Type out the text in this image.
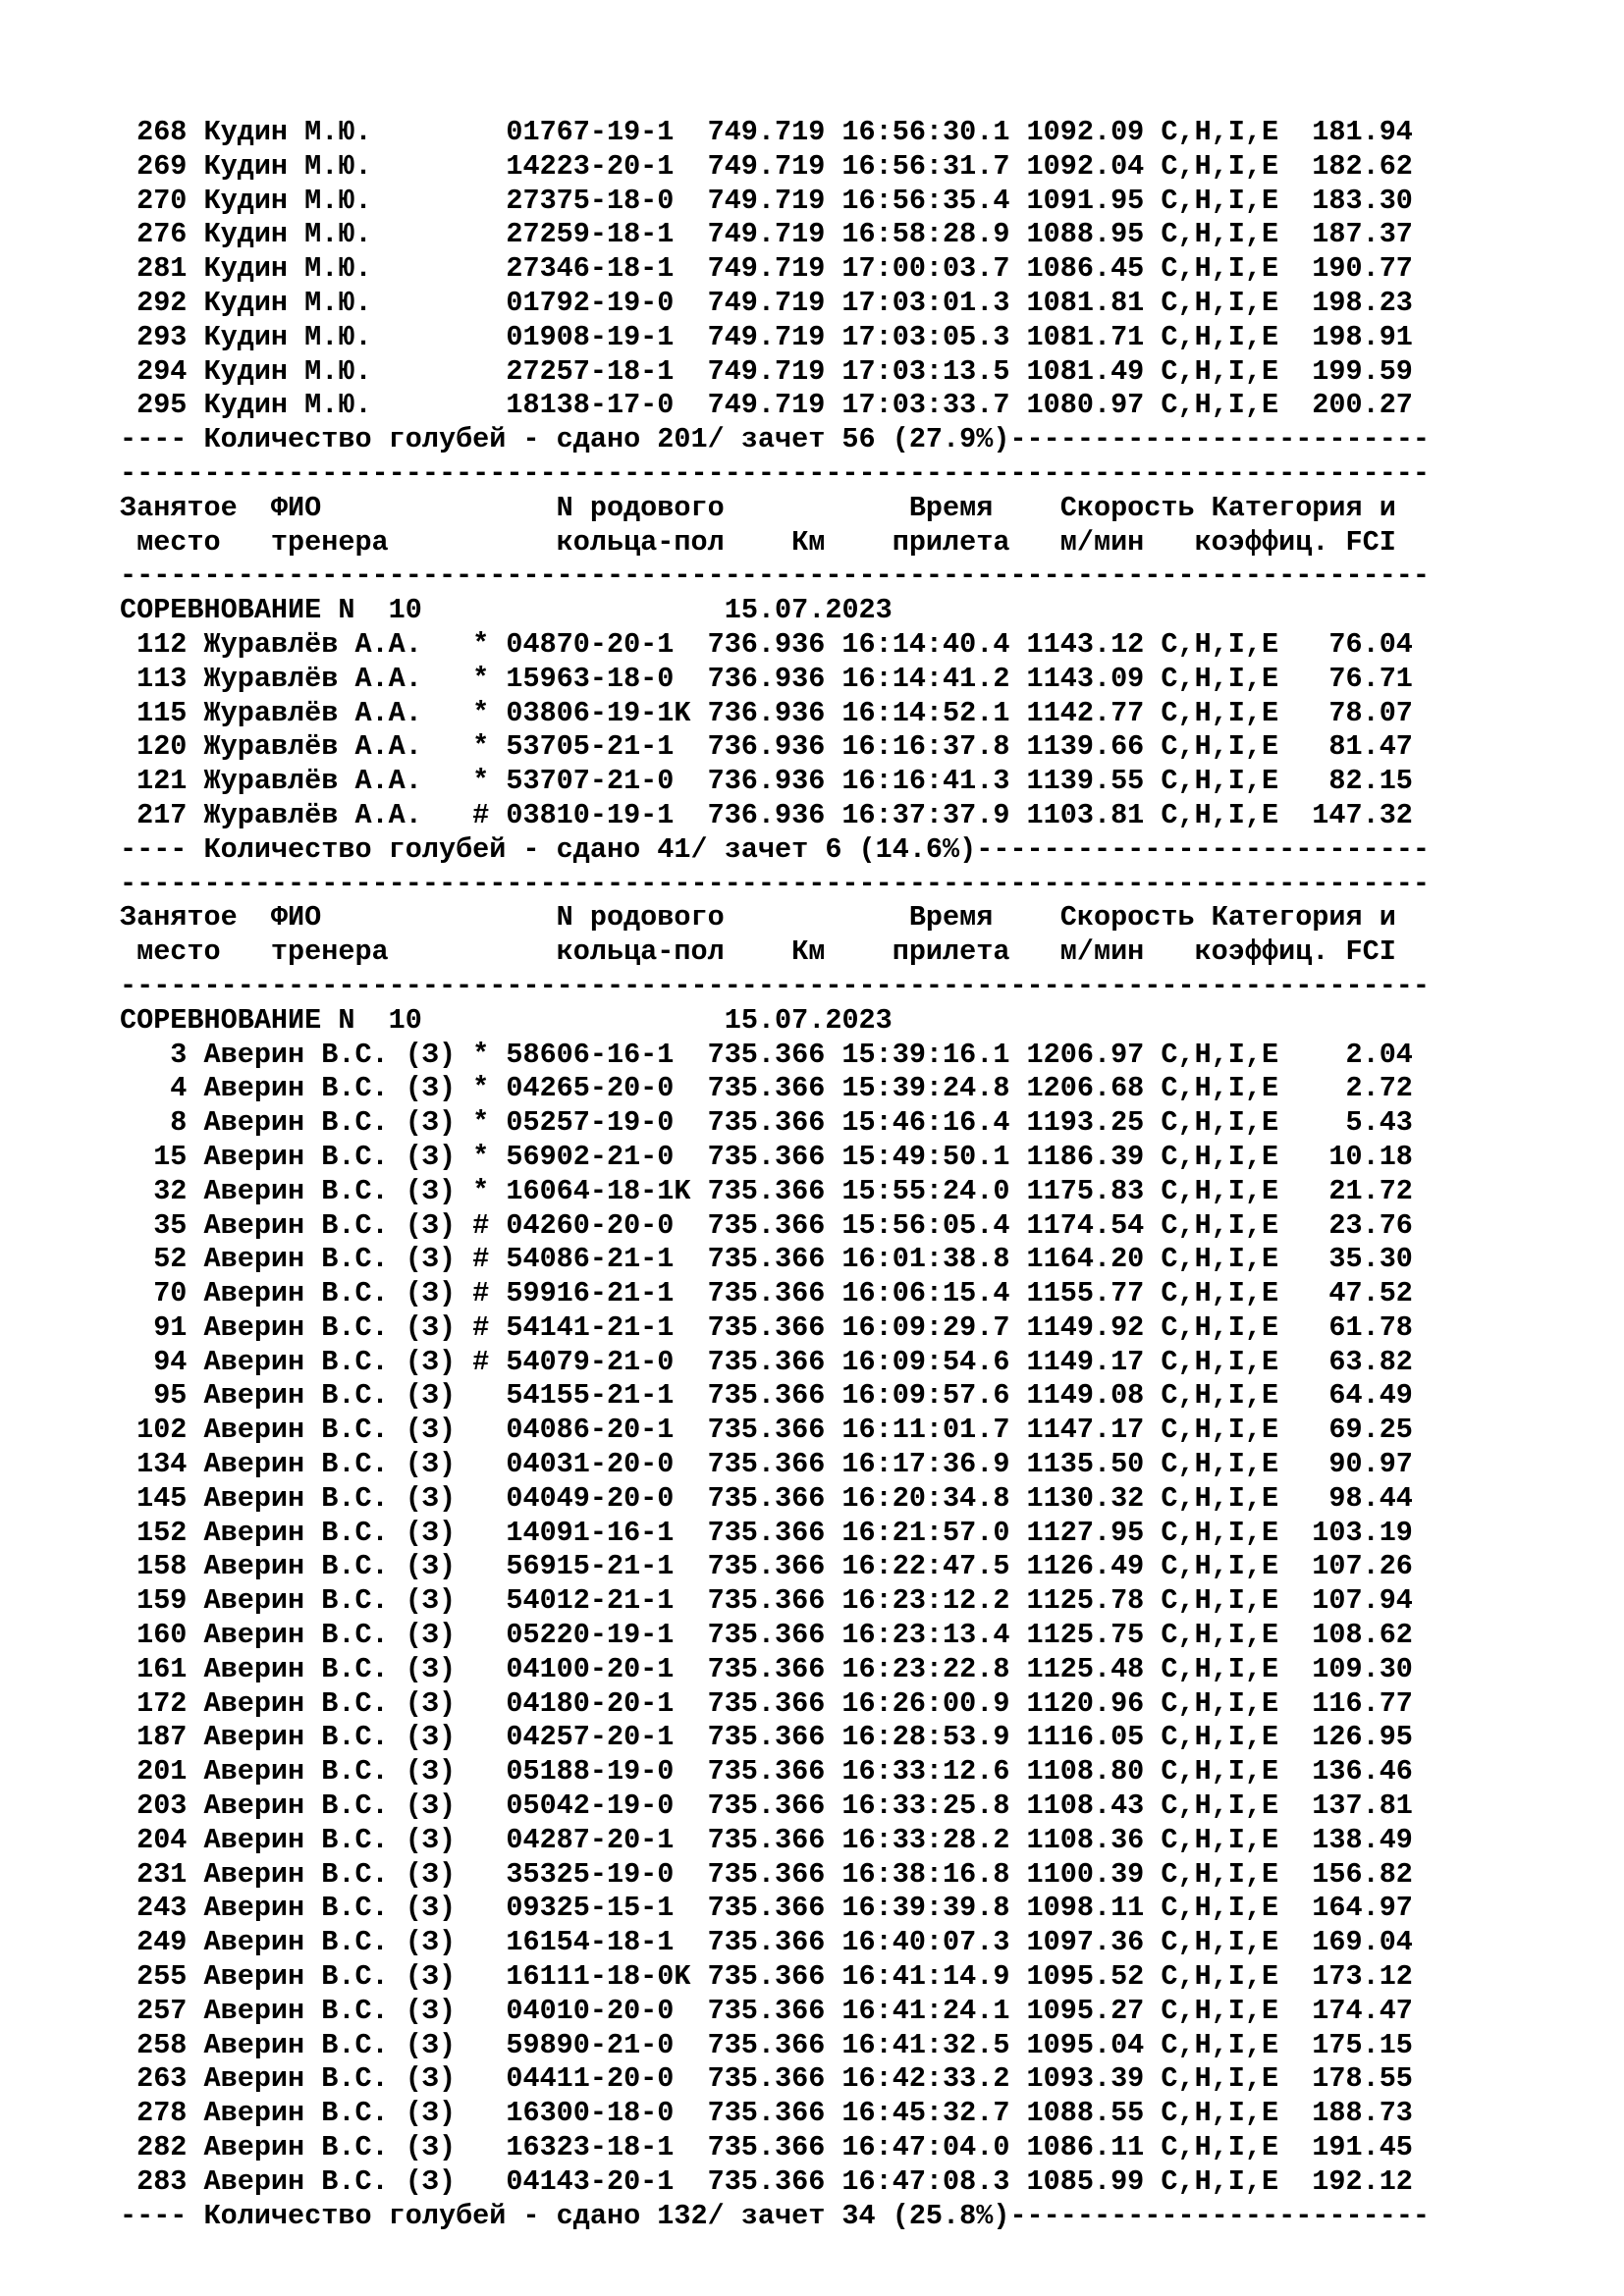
268 Кудин М.Ю.        01767-19-1  749.719 16:56:30.1 1092.09 C,H,I,E  181.94
269 Кудин М.Ю.        14223-20-1  749.719 16:56:31.7 1092.04 C,H,I,E  182.62
270 Кудин М.Ю.        27375-18-0  749.719 16:56:35.4 1091.95 C,H,I,E  183.30
276 Кудин М.Ю.        27259-18-1  749.719 16:58:28.9 1088.95 C,H,I,E  187.37
281 Кудин М.Ю.        27346-18-1  749.719 17:00:03.7 1086.45 C,H,I,E  190.77
292 Кудин М.Ю.        01792-19-0  749.719 17:03:01.3 1081.81 C,H,I,E  198.23
293 Кудин М.Ю.        01908-19-1  749.719 17:03:05.3 1081.71 C,H,I,E  198.91
294 Кудин М.Ю.        27257-18-1  749.719 17:03:13.5 1081.49 C,H,I,E  199.59
295 Кудин М.Ю.        18138-17-0  749.719 17:03:33.7 1080.97 C,H,I,E  200.27
---- Количество голубей - сдано 201/ зачет 56 (27.9%)-------------------------
------------------------------------------------------------------------------
Занятое  ФИО              N родового           Время    Скорость Категория и
место   тренера          кольца-пол    Км    прилета   м/мин   коэффиц. FCI
------------------------------------------------------------------------------
СОРЕВНОВАНИЕ N  10	15.07.2023
112 Журавлёв А.А.   * 04870-20-1  736.936 16:14:40.4 1143.12 C,H,I,E   76.04
113 Журавлёв А.А.   * 15963-18-0  736.936 16:14:41.2 1143.09 C,H,I,E   76.71
115 Журавлёв А.А.   * 03806-19-1K 736.936 16:14:52.1 1142.77 C,H,I,E   78.07
120 Журавлёв А.А.   * 53705-21-1  736.936 16:16:37.8 1139.66 C,H,I,E   81.47
121 Журавлёв А.А.   * 53707-21-0  736.936 16:16:41.3 1139.55 C,H,I,E   82.15
217 Журавлёв А.А.   # 03810-19-1  736.936 16:37:37.9 1103.81 C,H,I,E  147.32
---- Количество голубей - сдано 41/ зачет 6 (14.6%)---------------------------
------------------------------------------------------------------------------
Занятое  ФИО              N родового           Время    Скорость Категория и
место   тренера          кольца-пол    Км    прилета   м/мин   коэффиц. FCI
------------------------------------------------------------------------------
СОРЕВНОВАНИЕ N  10	15.07.2023
3 Аверин В.С. (З) * 58606-16-1  735.366 15:39:16.1 1206.97 C,H,I,E    2.04
4 Аверин В.С. (З) * 04265-20-0  735.366 15:39:24.8 1206.68 C,H,I,E    2.72
8 Аверин В.С. (З) * 05257-19-0  735.366 15:46:16.4 1193.25 C,H,I,E    5.43
15 Аверин В.С. (З) * 56902-21-0  735.366 15:49:50.1 1186.39 C,H,I,E   10.18
32 Аверин В.С. (З) * 16064-18-1K 735.366 15:55:24.0 1175.83 C,H,I,E   21.72
35 Аверин В.С. (З) # 04260-20-0  735.366 15:56:05.4 1174.54 C,H,I,E   23.76
52 Аверин В.С. (З) # 54086-21-1  735.366 16:01:38.8 1164.20 C,H,I,E   35.30
70 Аверин В.С. (З) # 59916-21-1  735.366 16:06:15.4 1155.77 C,H,I,E   47.52
91 Аверин В.С. (З) # 54141-21-1  735.366 16:09:29.7 1149.92 C,H,I,E   61.78
94 Аверин В.С. (З) # 54079-21-0  735.366 16:09:54.6 1149.17 C,H,I,E   63.82
95 Аверин В.С. (З)   54155-21-1  735.366 16:09:57.6 1149.08 C,H,I,E   64.49
102 Аверин В.С. (З)   04086-20-1  735.366 16:11:01.7 1147.17 C,H,I,E   69.25
134 Аверин В.С. (З)   04031-20-0  735.366 16:17:36.9 1135.50 C,H,I,E   90.97
145 Аверин В.С. (З)   04049-20-0  735.366 16:20:34.8 1130.32 C,H,I,E   98.44
152 Аверин В.С. (З)   14091-16-1  735.366 16:21:57.0 1127.95 C,H,I,E  103.19
158 Аверин В.С. (З)   56915-21-1  735.366 16:22:47.5 1126.49 C,H,I,E  107.26
159 Аверин В.С. (З)   54012-21-1  735.366 16:23:12.2 1125.78 C,H,I,E  107.94
160 Аверин В.С. (З)   05220-19-1  735.366 16:23:13.4 1125.75 C,H,I,E  108.62
161 Аверин В.С. (З)   04100-20-1  735.366 16:23:22.8 1125.48 C,H,I,E  109.30
172 Аверин В.С. (З)   04180-20-1  735.366 16:26:00.9 1120.96 C,H,I,E  116.77
187 Аверин В.С. (З)   04257-20-1  735.366 16:28:53.9 1116.05 C,H,I,E  126.95
201 Аверин В.С. (З)   05188-19-0  735.366 16:33:12.6 1108.80 C,H,I,E  136.46
203 Аверин В.С. (З)   05042-19-0  735.366 16:33:25.8 1108.43 C,H,I,E  137.81
204 Аверин В.С. (З)   04287-20-1  735.366 16:33:28.2 1108.36 C,H,I,E  138.49
231 Аверин В.С. (З)   35325-19-0  735.366 16:38:16.8 1100.39 C,H,I,E  156.82
243 Аверин В.С. (З)   09325-15-1  735.366 16:39:39.8 1098.11 C,H,I,E  164.97
249 Аверин В.С. (З)   16154-18-1  735.366 16:40:07.3 1097.36 C,H,I,E  169.04
255 Аверин В.С. (З)   16111-18-0K 735.366 16:41:14.9 1095.52 C,H,I,E  173.12
257 Аверин В.С. (З)   04010-20-0  735.366 16:41:24.1 1095.27 C,H,I,E  174.47
258 Аверин В.С. (З)   59890-21-0  735.366 16:41:32.5 1095.04 C,H,I,E  175.15
263 Аверин В.С. (З)   04411-20-0  735.366 16:42:33.2 1093.39 C,H,I,E  178.55
278 Аверин В.С. (З)   16300-18-0  735.366 16:45:32.7 1088.55 C,H,I,E  188.73
282 Аверин В.С. (З)   16323-18-1  735.366 16:47:04.0 1086.11 C,H,I,E  191.45
283 Аверин В.С. (З)   04143-20-1  735.366 16:47:08.3 1085.99 C,H,I,E  192.12
---- Количество голубей - сдано 132/ зачет 34 (25.8%)-------------------------
